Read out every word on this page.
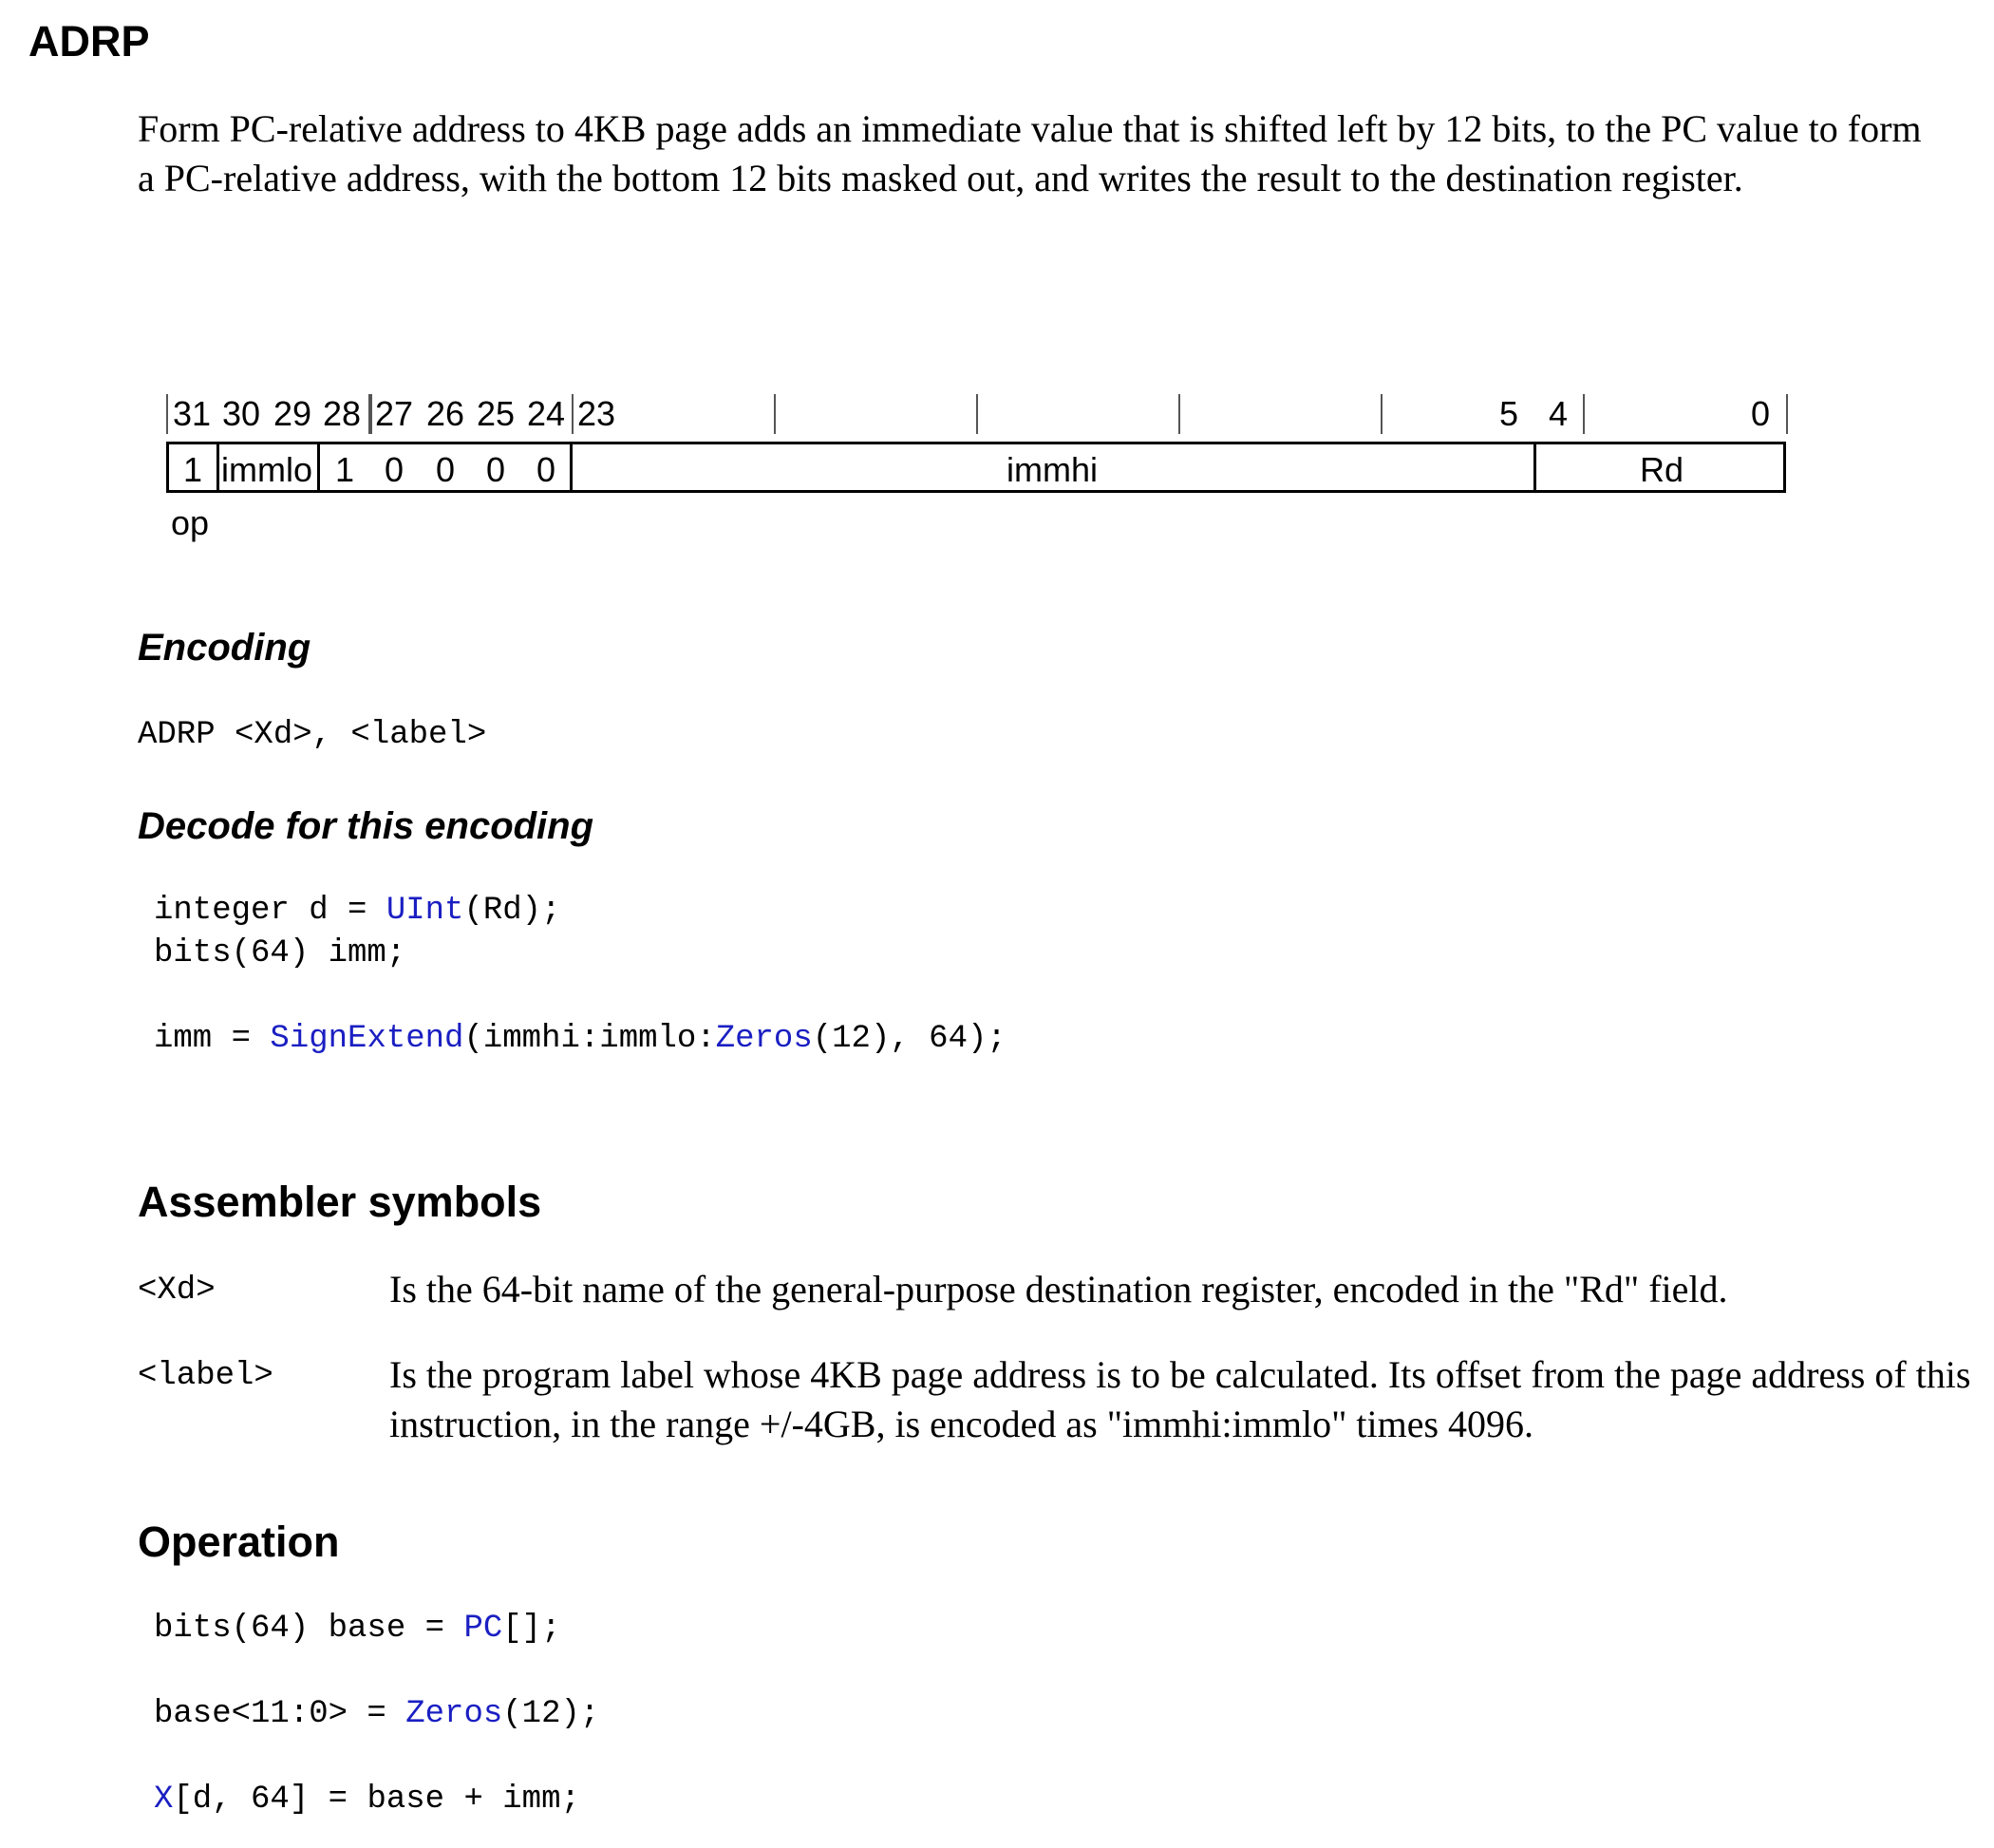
ADRP
Form PC-relative address to 4KB page adds an immediate value that is shifted left by 12 bits, to the PC value to form a PC-relative address, with the bottom 12 bits masked out, and writes the result to the destination register.
31 30 29 28 27 26 25 24 23	5 4	0
1 immlo 1 0 0 0 0	immhi	Rd
op
Encoding
ADRP <Xd>, <label>
Decode for this encoding
integer d = UInt(Rd);
bits(64) imm;
imm = SignExtend(immhi:immlo:Zeros(12), 64);
Assembler symbols
<Xd>	Is the 64-bit name of the general-purpose destination register, encoded in the "Rd" field.
<label>	Is the program label whose 4KB page address is to be calculated. Its offset from the page address of this instruction, in the range +/-4GB, is encoded as "immhi:immlo" times 4096.
Operation
bits(64) base = PC[];
base<11:0> = Zeros(12);
X[d, 64] = base + imm;
